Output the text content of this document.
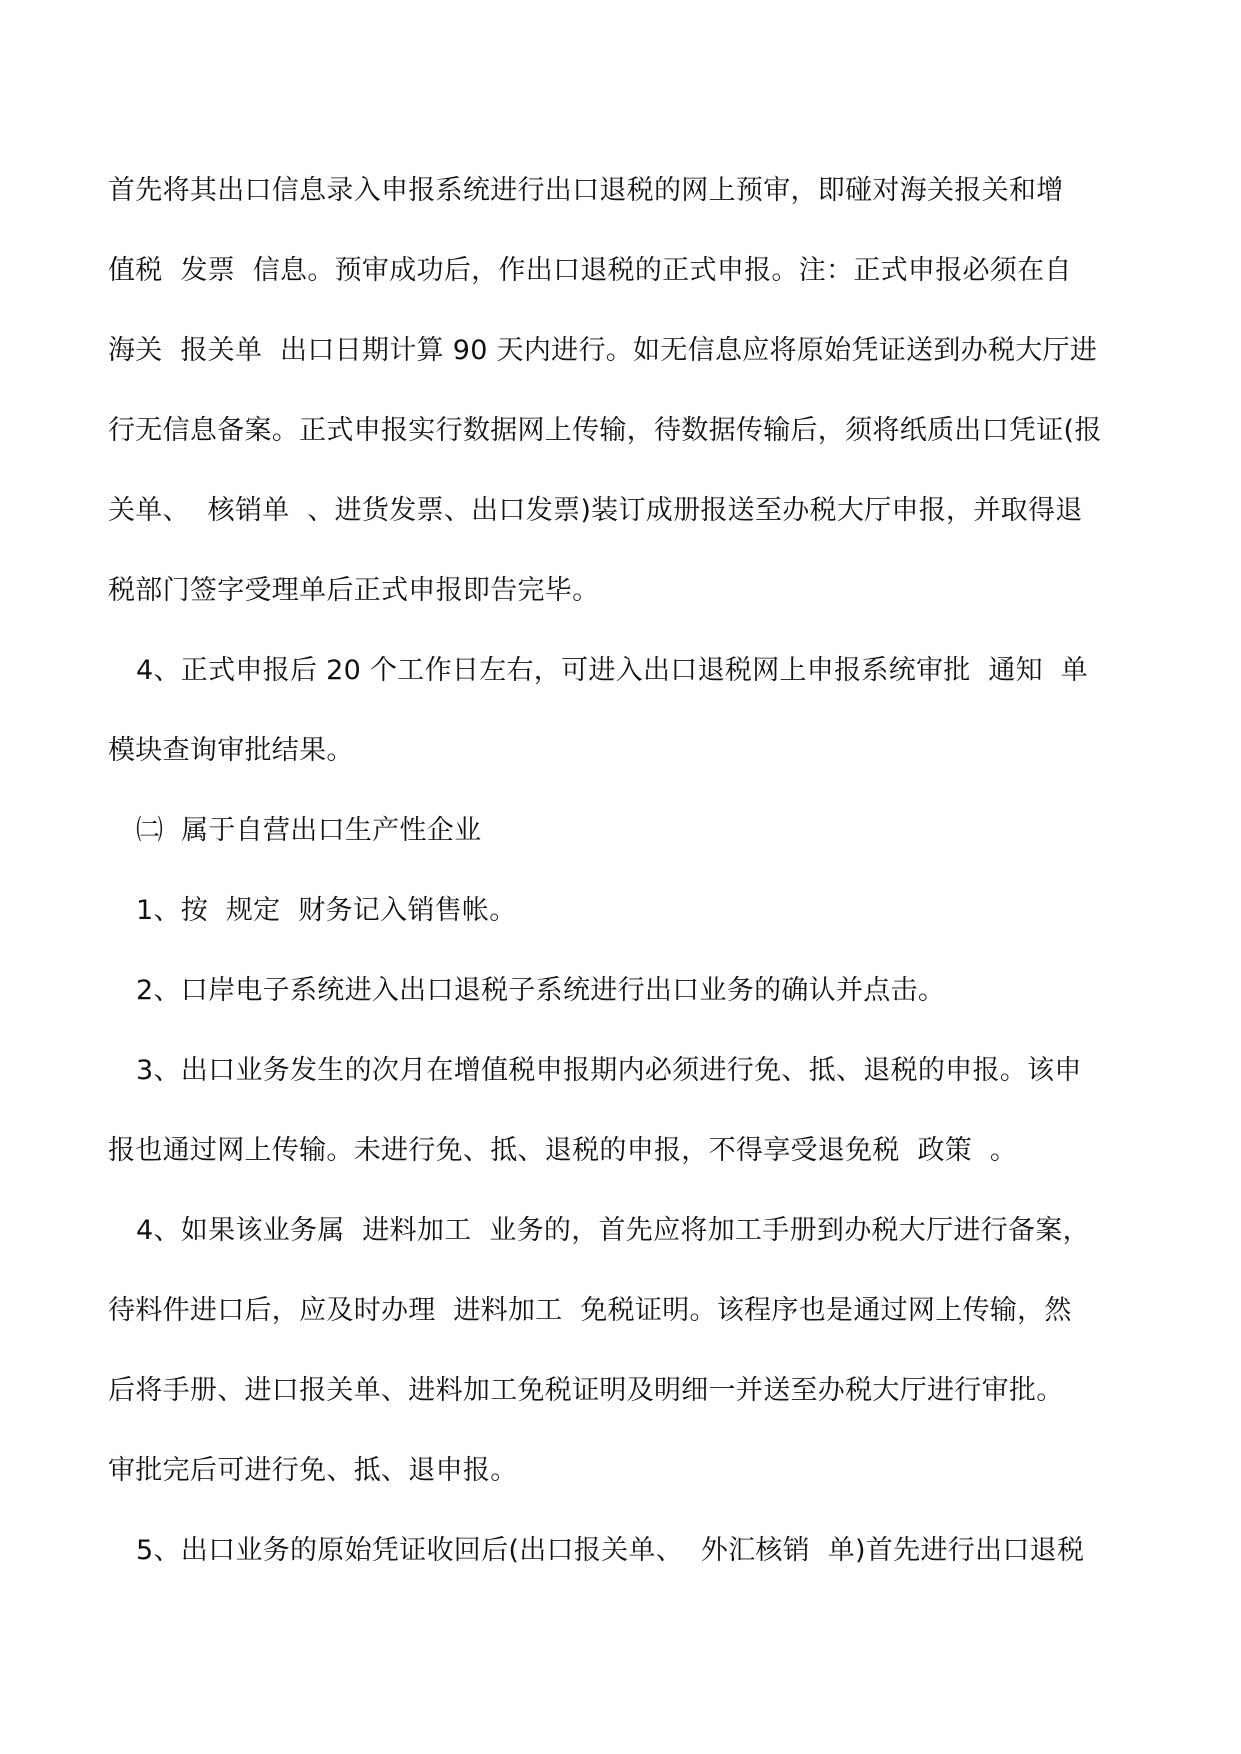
首先将其出口信息录入申报系统进行出口退税的网上预审，即碰对海关报关和增
值税  发票  信息。预审成功后，作出口退税的正式申报。注：正式申报必须在自
海关  报关单  出口日期计算 90 天内进行。如无信息应将原始凭证送到办税大厅进
行无信息备案。正式申报实行数据网上传输，待数据传输后，须将纸质出口凭证(报
关单、  核销单  、进货发票、出口发票)装订成册报送至办税大厅申报，并取得退
税部门签字受理单后正式申报即告完毕。
4、正式申报后 20 个工作日左右，可进入出口退税网上申报系统审批  通知  单
模块查询审批结果。
㈡  属于自营出口生产性企业
1、按  规定  财务记入销售帐。
2、口岸电子系统进入出口退税子系统进行出口业务的确认并点击。
3、出口业务发生的次月在增值税申报期内必须进行免、抵、退税的申报。该申
报也通过网上传输。未进行免、抵、退税的申报，不得享受退免税  政策  。
4、如果该业务属  进料加工  业务的，首先应将加工手册到办税大厅进行备案，
待料件进口后，应及时办理  进料加工  免税证明。该程序也是通过网上传输，然
后将手册、进口报关单、进料加工免税证明及明细一并送至办税大厅进行审批。
审批完后可进行免、抵、退申报。
5、出口业务的原始凭证收回后(出口报关单、  外汇核销  单)首先进行出口退税
